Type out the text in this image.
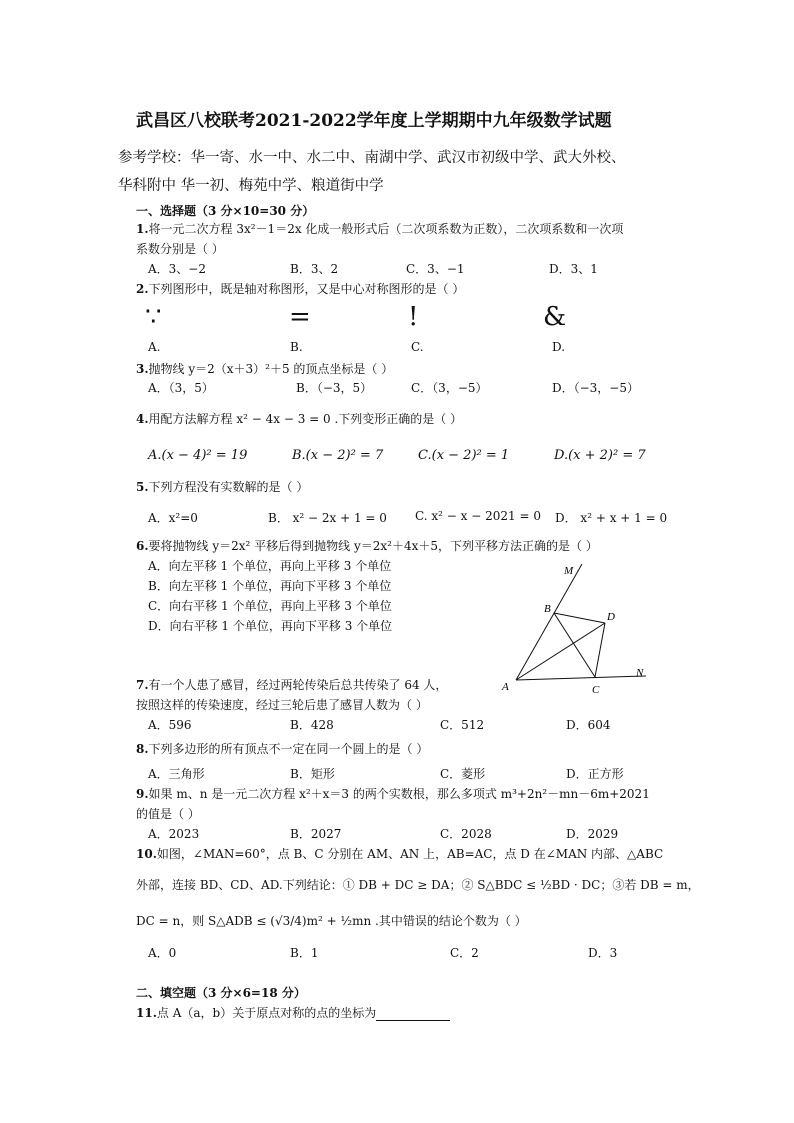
武昌区八校联考2021-2022学年度上学期期中九年级数学试题
参考学校：华一寄、水一中、水二中、南湖中学、武汉市初级中学、武大外校、
华科附中 华一初、梅苑中学、粮道街中学
一、选择题（3 分×10=30 分）
1.将一元二次方程 3x²－1＝2x 化成一般形式后（二次项系数为正数），二次项系数和一次项
系数分别是（ ）
A．3、−2	B．3、2	C．3、−1	D．3、1
2.下列图形中，既是轴对称图形，又是中心对称图形的是（ ）
∵	=	!	&
A.	B.	C.	D.
3.抛物线 y＝2（x＋3）²＋5 的顶点坐标是（ ）
A．（3，5）	B．（−3，5）	C．（3，−5）	D．（−3，−5）
4.用配方法解方程 x² − 4x − 3 = 0 .下列变形正确的是（ ）
A.(x − 4)² = 19	B.(x − 2)² = 7	C.(x − 2)² = 1	D.(x + 2)² = 7
5.下列方程没有实数解的是（ ）
A．x²=0	B． x² − 2x + 1 = 0 C. x² − x − 2021 = 0 D． x² + x + 1 = 0
6.要将抛物线 y＝2x² 平移后得到抛物线 y＝2x²＋4x＋5，下列平移方法正确的是（ ）
A．向左平移 1 个单位，再向上平移 3 个单位
B．向左平移 1 个单位，再向下平移 3 个单位
C．向右平移 1 个单位，再向上平移 3 个单位
D．向右平移 1 个单位，再向下平移 3 个单位
M
B
D
N
A	C
7.有一个人患了感冒，经过两轮传染后总共传染了 64 人，
按照这样的传染速度，经过三轮后患了感冒人数为（ ）
A．596	B．428	C．512	D．604
8.下列多边形的所有顶点不一定在同一个圆上的是（ ）
A．三角形	B．矩形	C．菱形	D．正方形
9.如果 m、n 是一元二次方程 x²＋x＝3 的两个实数根，那么多项式 m³+2n²－mn－6m+2021
的值是（ ）
A．2023	B．2027	C．2028	D．2029
10.如图，∠MAN=60°，点 B、C 分别在 AM、AN 上，AB=AC，点 D 在∠MAN 内部、△ABC
外部，连接 BD、CD、AD.下列结论：① DB + DC ≥ DA；② S△BDC ≤ ½BD · DC；③若 DB = m，
DC = n，则 S△ADB ≤ (√3/4)m² + ½mn .其中错误的结论个数为（ ）
A．0	B．1	C．2	D．3
二、填空题（3 分×6=18 分）
11.点 A（a，b）关于原点对称的点的坐标为
